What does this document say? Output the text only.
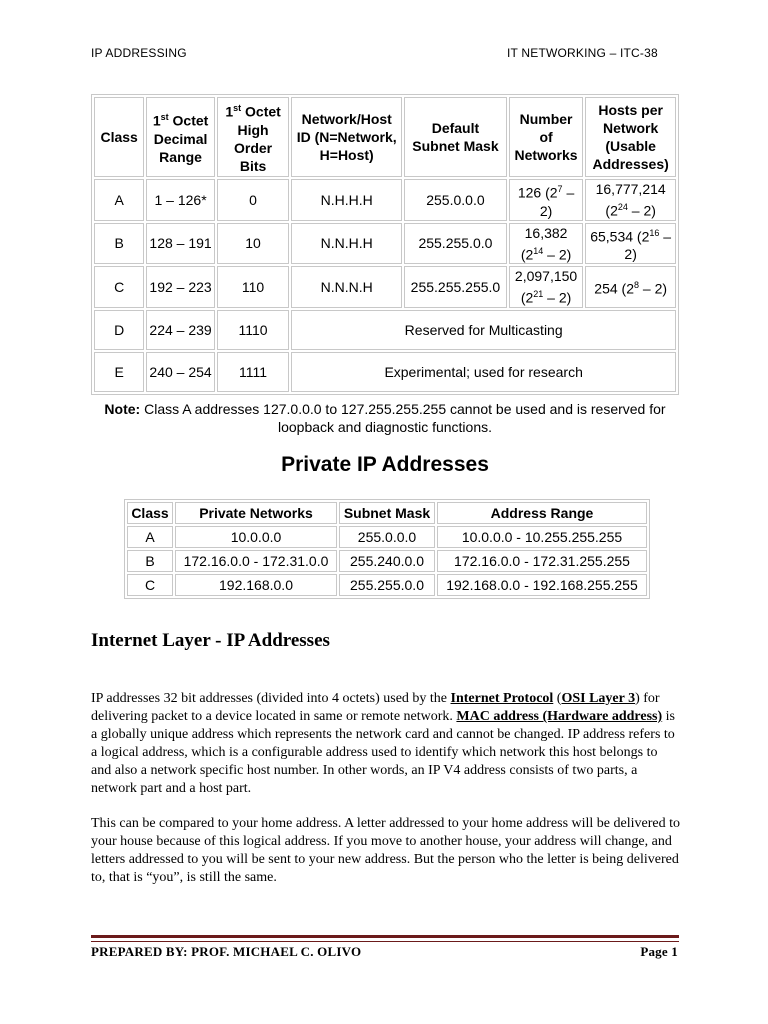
IP ADDRESSING	IT NETWORKING – ITC-38
Class	1st Octet Decimal Range	1st Octet High Order Bits	Network/Host ID (N=Network, H=Host)	Default Subnet Mask	Number of Networks	Hosts per Network (Usable Addresses)
A	1 – 126*	0	N.H.H.H	255.0.0.0	126 $(2^7 - 2)$	16,777,214 $(2^{24} - 2)$
B	128 – 191	10	N.N.H.H	255.255.0.0	16,382 $(2^{14} - 2)$	65,534 $(2^{16} - 2)$
C	192 – 223	110	N.N.N.H	255.255.255.0	2,097,150 $(2^{21} - 2)$	254 $(2^8 - 2)$
D	224 – 239	1110	Reserved for Multicasting			
E	240 – 254	1111	Experimental; used for research			
Note: Class A addresses 127.0.0.0 to 127.255.255.255 cannot be used and is reserved for loopback and diagnostic functions.
Private IP Addresses
Class	Private Networks	Subnet Mask	Address Range
A	10.0.0.0	255.0.0.0	10.0.0.0 - 10.255.255.255
B	172.16.0.0 - 172.31.0.0	255.240.0.0	172.16.0.0 - 172.31.255.255
C	192.168.0.0	255.255.0.0	192.168.0.0 - 192.168.255.255
Internet Layer - IP Addresses
IP addresses 32 bit addresses (divided into 4 octets) used by the Internet Protocol (OSI Layer 3) for delivering packet to a device located in same or remote network. MAC address (Hardware address) is a globally unique address which represents the network card and cannot be changed. IP address refers to a logical address, which is a configurable address used to identify which network this host belongs to and also a network specific host number. In other words, an IP V4 address consists of two parts, a network part and a host part.
This can be compared to your home address. A letter addressed to your home address will be delivered to your house because of this logical address. If you move to another house, your address will change, and letters addressed to you will be sent to your new address. But the person who the letter is being delivered to, that is “you”, is still the same.
PREPARED BY: PROF. MICHAEL C. OLIVO	Page 1
